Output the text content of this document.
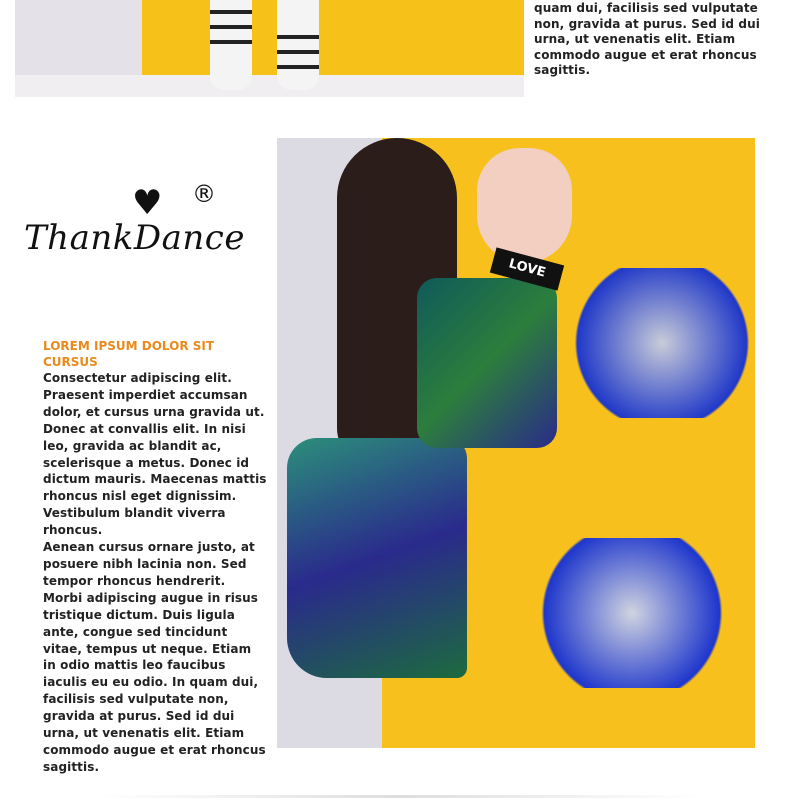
quam dui, facilisis sed vulputate

non, gravida at purus. Sed id dui

urna, ut venenatis elit. Etiam

commodo augue et erat rhoncus

sagittis.

♥ ®
ThankDance
LOREM IPSUM DOLOR SIT CURSUS

Consectetur adipiscing elit. Praesent imperdiet accumsan dolor, et cursus urna gravida ut. Donec at convallis elit. In nisi leo, gravida ac blandit ac, scelerisque a metus. Donec id dictum mauris. Maecenas mattis rhoncus nisl eget dignissim. Vestibulum blandit viverra rhoncus.

Aenean cursus ornare justo, at posuere nibh lacinia non. Sed tempor rhoncus hendrerit. Morbi adipiscing augue in risus tristique dictum. Duis ligula ante, congue sed tincidunt vitae, tempus ut neque. Etiam in odio mattis leo faucibus iaculis eu eu odio. In quam dui, facilisis sed vulputate non, gravida at purus. Sed id dui urna, ut venenatis elit. Etiam commodo augue et erat rhoncus sagittis.

LOVE
